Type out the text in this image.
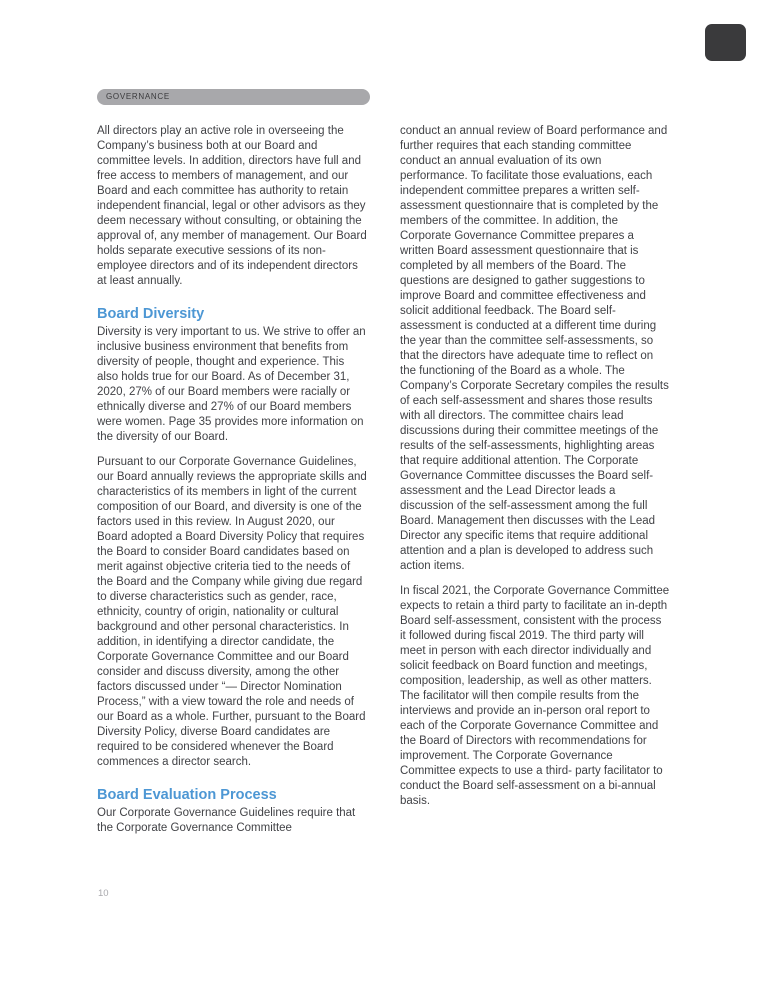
GOVERNANCE

All directors play an active role in overseeing the Company’s business both at our Board and committee levels. In addition, directors have full and free access to members of management, and our Board and each committee has authority to retain independent financial, legal or other advisors as they deem necessary without consulting, or obtaining the approval of, any member of management. Our Board holds separate executive sessions of its non-employee directors and of its independent directors at least annually.

Board Diversity

Diversity is very important to us. We strive to offer an inclusive business environment that benefits from diversity of people, thought and experience. This also holds true for our Board. As of December 31, 2020, 27% of our Board members were racially or ethnically diverse and 27% of our Board members were women. Page 35 provides more information on the diversity of our Board.

Pursuant to our Corporate Governance Guidelines, our Board annually reviews the appropriate skills and characteristics of its members in light of the current composition of our Board, and diversity is one of the factors used in this review. In August 2020, our Board adopted a Board Diversity Policy that requires the Board to consider Board candidates based on merit against objective criteria tied to the needs of the Board and the Company while giving due regard to diverse characteristics such as gender, race, ethnicity, country of origin, nationality or cultural background and other personal characteristics. In addition, in identifying a director candidate, the Corporate Governance Committee and our Board consider and discuss diversity, among the other factors discussed under “— Director Nomination Process,” with a view toward the role and needs of our Board as a whole. Further, pursuant to the Board Diversity Policy, diverse Board candidates are required to be considered whenever the Board commences a director search.

Board Evaluation Process

Our Corporate Governance Guidelines require that the Corporate Governance Committee

conduct an annual review of Board performance and further requires that each standing committee conduct an annual evaluation of its own performance. To facilitate those evaluations, each independent committee prepares a written self-assessment questionnaire that is completed by the members of the committee. In addition, the Corporate Governance Committee prepares a written Board assessment questionnaire that is completed by all members of the Board. The questions are designed to gather suggestions to improve Board and committee effectiveness and solicit additional feedback. The Board self-assessment is conducted at a different time during the year than the committee self-assessments, so that the directors have adequate time to reflect on the functioning of the Board as a whole. The Company’s Corporate Secretary compiles the results of each self-assessment and shares those results with all directors. The committee chairs lead discussions during their committee meetings of the results of the self-assessments, highlighting areas that require additional attention. The Corporate Governance Committee discusses the Board self-assessment and the Lead Director leads a discussion of the self-assessment among the full Board. Management then discusses with the Lead Director any specific items that require additional attention and a plan is developed to address such action items.

In fiscal 2021, the Corporate Governance Committee expects to retain a third party to facilitate an in-depth Board self-assessment, consistent with the process it followed during fiscal 2019. The third party will meet in person with each director individually and solicit feedback on Board function and meetings, composition, leadership, as well as other matters. The facilitator will then compile results from the interviews and provide an in-person oral report to each of the Corporate Governance Committee and the Board of Directors with recommendations for improvement. The Corporate Governance Committee expects to use a third- party facilitator to conduct the Board self-assessment on a bi-annual basis.

10
